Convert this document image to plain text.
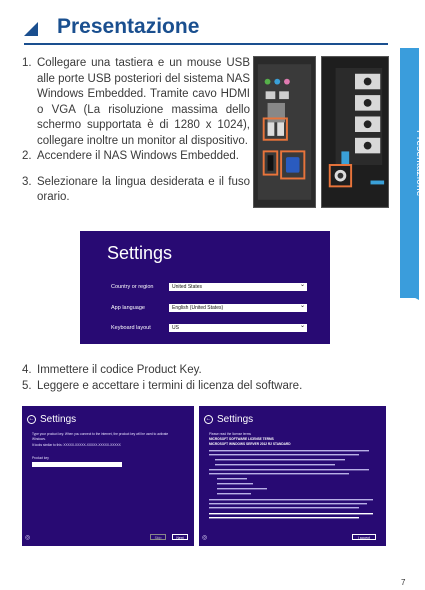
Presentazione
Presentazione
1. Collegare una tastiera e un mouse USB alle porte USB posteriori del sistema NAS Windows Embedded. Tramite cavo HDMI o VGA (La risoluzione massima dello schermo supportata è di 1280 x 1024), collegare inoltre un monitor al dispositivo.
2. Accendere il NAS Windows Embedded.
3. Selezionare la lingua desiderata e il fuso orario.
Settings
Country or region	United States ⌄
App language	English (United States) ⌄
Keyboard layout	US ⌄
4. Immettere il codice Product Key.
5. Leggere e accettare i termini di licenza del software.
← Settings
Type your product key. When you connect to the internet, the product key will be used to activate Windows.
It looks similar to this: XXXXX-XXXXX-XXXXX-XXXXX-XXXXX
Product key
Skip	Next
◎
← Settings
Please read the license terms
MICROSOFT SOFTWARE LICENSE TERMS
MICROSOFT WINDOWS SERVER 2012 R2 STANDARD
I accept
◎
7
